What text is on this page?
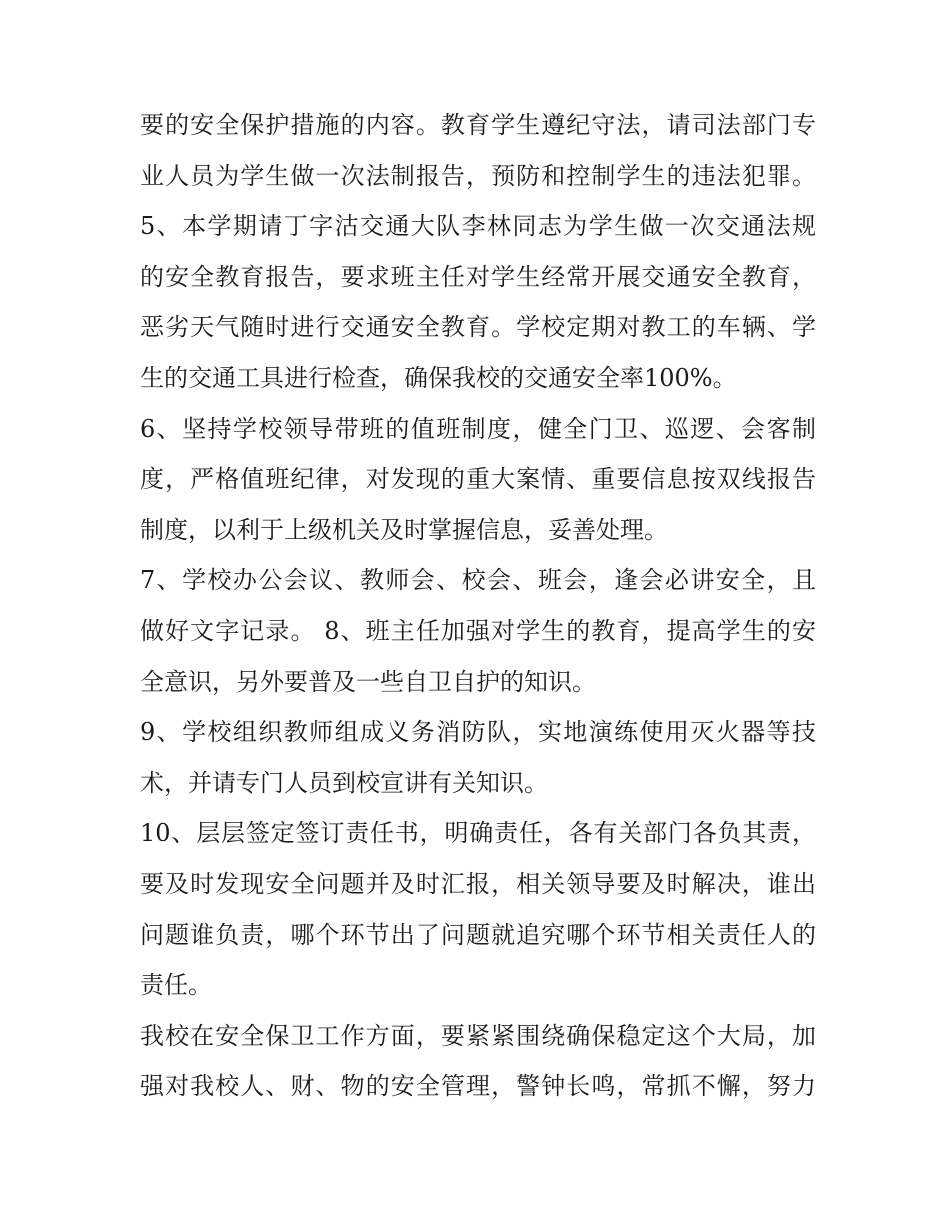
要的安全保护措施的内容。教育学生遵纪守法，请司法部门专
业人员为学生做一次法制报告，预防和控制学生的违法犯罪。
5、本学期请丁字沽交通大队李林同志为学生做一次交通法规
的安全教育报告，要求班主任对学生经常开展交通安全教育，
恶劣天气随时进行交通安全教育。学校定期对教工的车辆、学
生的交通工具进行检查，确保我校的交通安全率100%。
6、坚持学校领导带班的值班制度，健全门卫、巡逻、会客制
度，严格值班纪律，对发现的重大案情、重要信息按双线报告
制度，以利于上级机关及时掌握信息，妥善处理。
7、学校办公会议、教师会、校会、班会，逢会必讲安全，且
做好文字记录。 8、班主任加强对学生的教育，提高学生的安
全意识，另外要普及一些自卫自护的知识。
9、学校组织教师组成义务消防队，实地演练使用灭火器等技
术，并请专门人员到校宣讲有关知识。
10、层层签定签订责任书，明确责任，各有关部门各负其责，
要及时发现安全问题并及时汇报，相关领导要及时解决，谁出
问题谁负责，哪个环节出了问题就追究哪个环节相关责任人的
责任。
我校在安全保卫工作方面，要紧紧围绕确保稳定这个大局，加
强对我校人、财、物的安全管理，警钟长鸣，常抓不懈，努力
